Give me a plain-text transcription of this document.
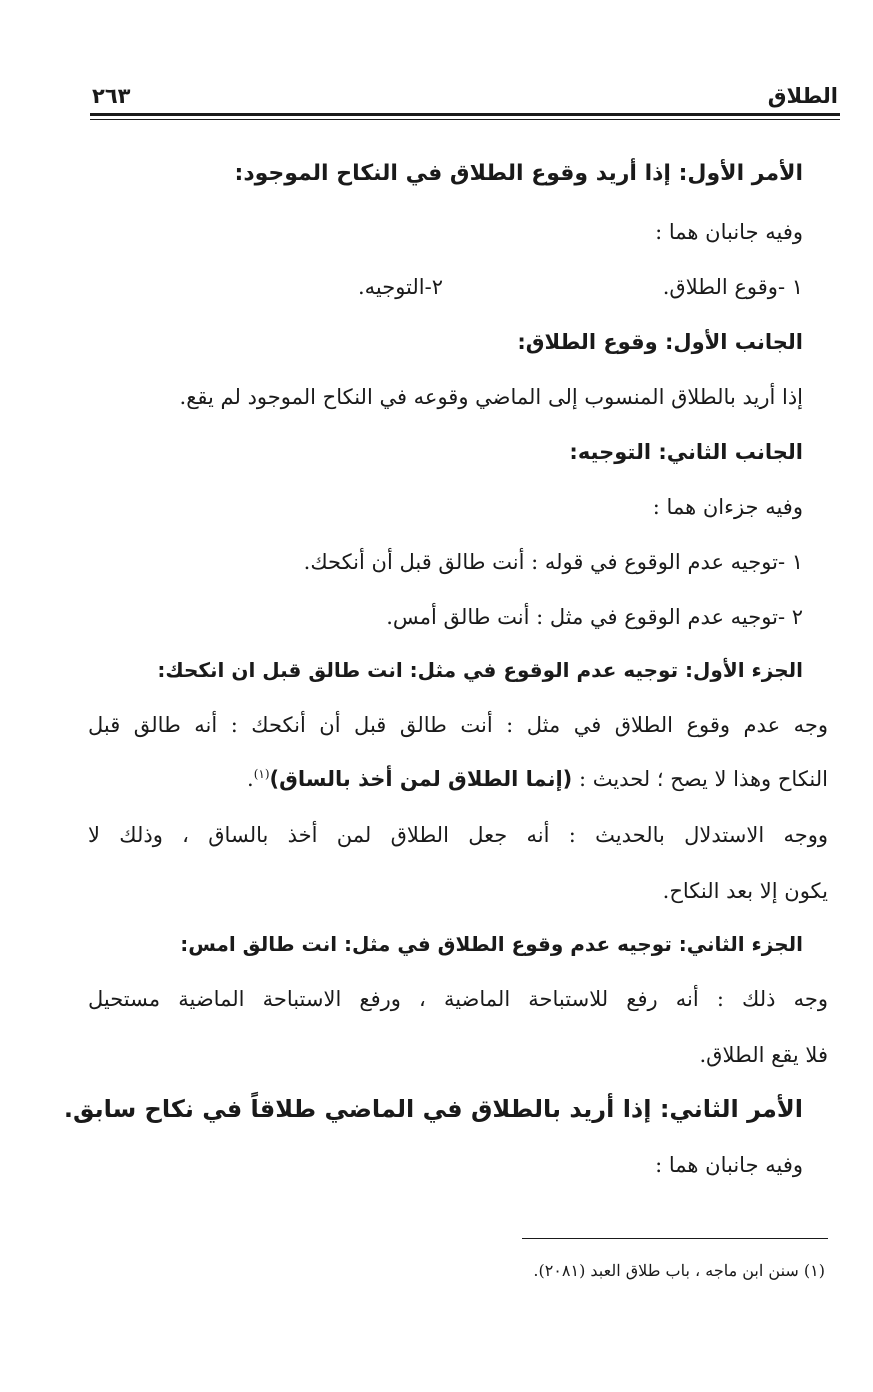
الطلاق
٢٦٣
الأمر الأول: إذا أريد وقوع الطلاق في النكاح الموجود:
وفيه جانبان هما :
١ -وقوع الطلاق.
٢-التوجيه.
الجانب الأول: وقوع الطلاق:
إذا أريد بالطلاق المنسوب إلى الماضي وقوعه في النكاح الموجود لم يقع.
الجانب الثاني: التوجيه:
وفيه جزءان هما :
١ -توجيه عدم الوقوع في قوله : أنت طالق قبل أن أنكحك.
٢ -توجيه عدم الوقوع في مثل : أنت طالق أمس.
الجزء الأول: توجيه عدم الوقوع في مثل: انت طالق قبل ان انكحك:
وجه عدم وقوع الطلاق في مثل : أنت طالق قبل أن أنكحك : أنه طالق قبل
النكاح وهذا لا يصح ؛ لحديث : (إنما الطلاق لمن أخذ بالساق)$^{(١)}$.
ووجه الاستدلال بالحديث : أنه جعل الطلاق لمن أخذ بالساق ، وذلك لا
يكون إلا بعد النكاح.
الجزء الثاني: توجيه عدم وقوع الطلاق في مثل: انت طالق امس:
وجه ذلك : أنه رفع للاستباحة الماضية ، ورفع الاستباحة الماضية مستحيل
فلا يقع الطلاق.
الأمر الثاني: إذا أريد بالطلاق في الماضي طلاقاً في نكاح سابق.
وفيه جانبان هما :
(١) سنن ابن ماجه ، باب طلاق العبد (٢٠٨١).
